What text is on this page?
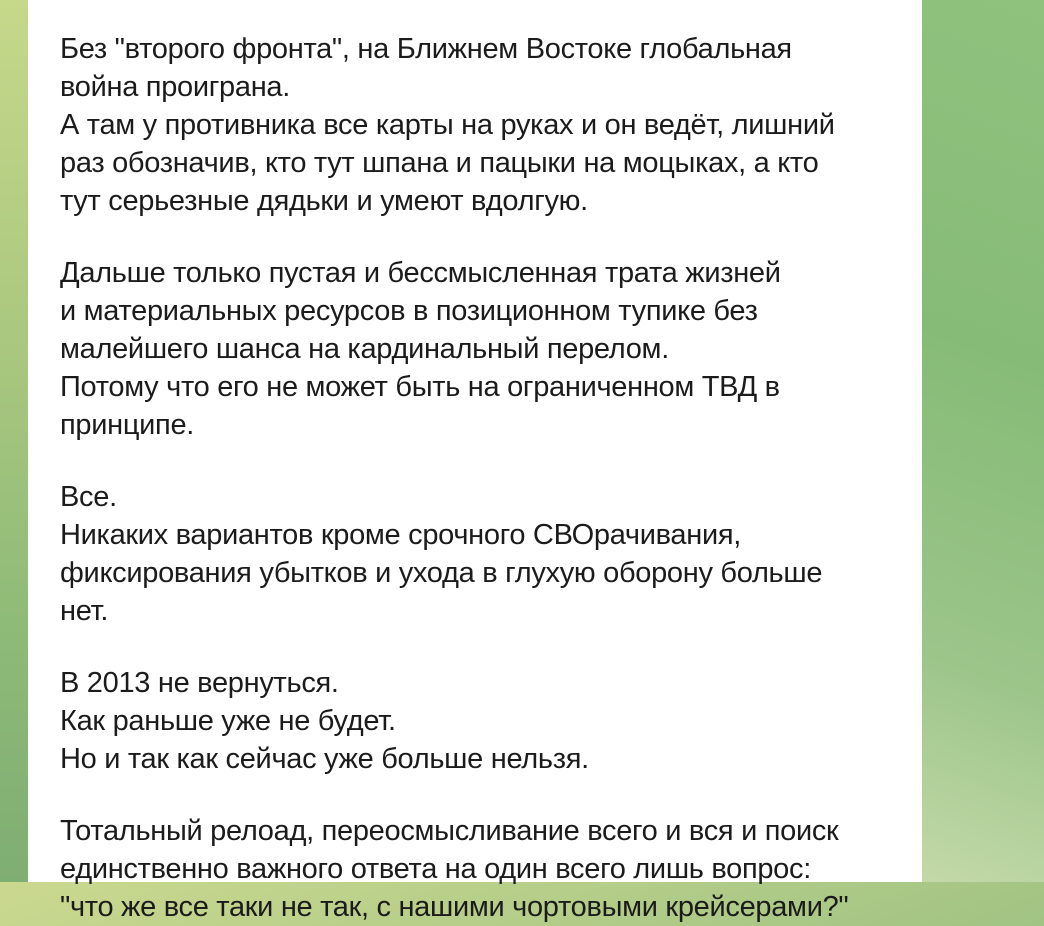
Без "второго фронта", на Ближнем Востоке глобальная
война проиграна.
А там у противника все карты на руках и он ведёт, лишний
раз обозначив, кто тут шпана и пацыки на моцыках, а кто
тут серьезные дядьки и умеют вдолгую.
Дальше только пустая и бессмысленная трата жизней
и материальных ресурсов в позиционном тупике без
малейшего шанса на кардинальный перелом.
Потому что его не может быть на ограниченном ТВД в
принципе.
Все.
Никаких вариантов кроме срочного СВОрачивания,
фиксирования убытков и ухода в глухую оборону больше
нет.
В 2013 не вернуться.
Как раньше уже не будет.
Но и так как сейчас уже больше нельзя.
Тотальный релоад, переосмысливание всего и вся и поиск
единственно важного ответа на один всего лишь вопрос:
"что же все таки не так, с нашими чортовыми крейсерами?"
